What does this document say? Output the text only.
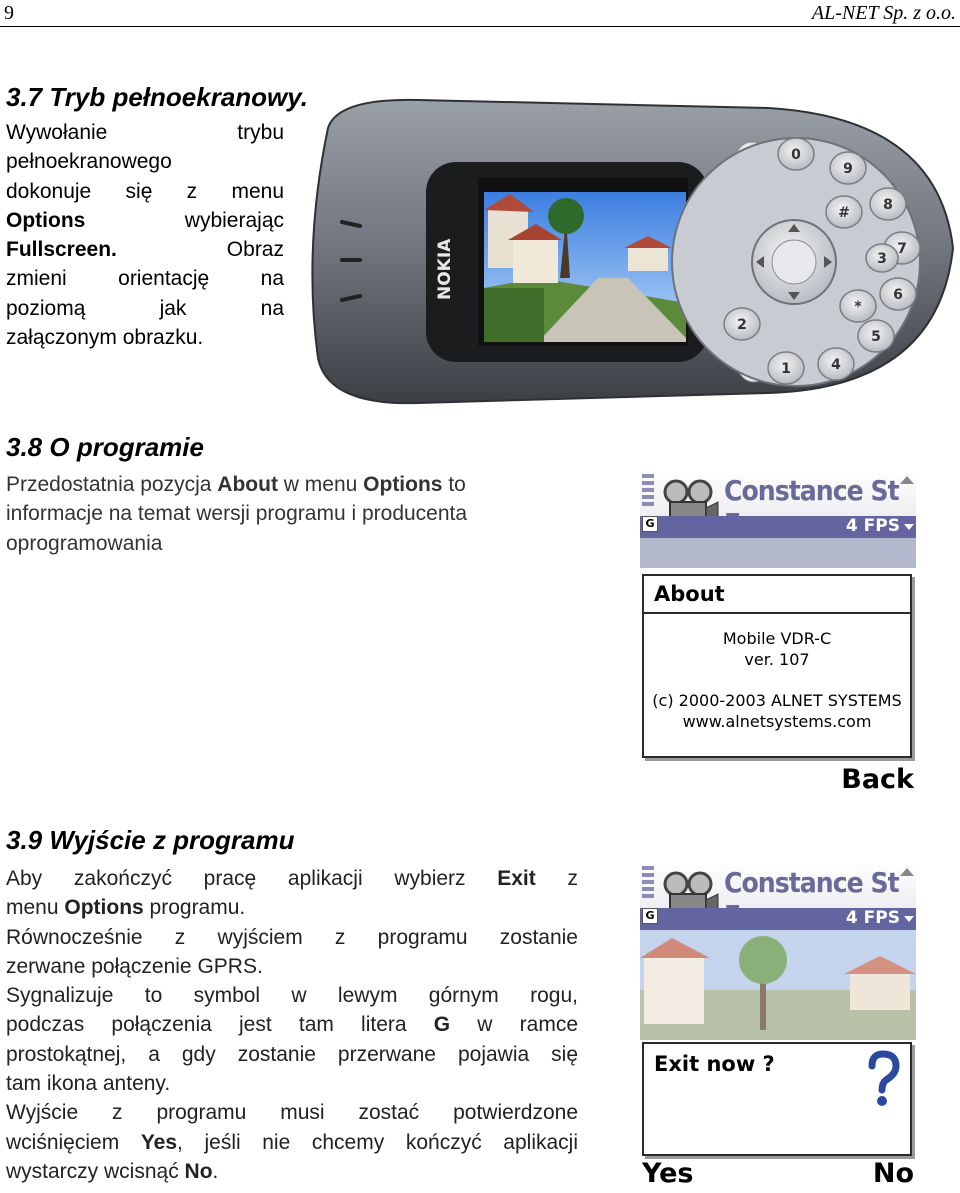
9	AL-NET Sp. z o.o.
3.7 Tryb pełnoekranowy.
Wywołanie trybu
pełnoekranowego
dokonuje się z menu
Options wybierając
Fullscreen. Obraz
zmieni orientację na
poziomą jak na
załączonym obrazku.
NOKIA
0
9
8
7
6
5
4
1
2
#
*
3
3.8 O programie
Przedostatnia pozycja About w menu Options to
informacje na temat wersji programu i producenta
oprogramowania
Constance St
4 FPS
G
About
Mobile VDR-C
ver. 107
(c) 2000-2003 ALNET SYSTEMS
www.alnetsystems.com
Back
3.9 Wyjście z programu
Aby zakończyć pracę aplikacji wybierz Exit z
menu Options programu.
Równocześnie z wyjściem z programu zostanie
zerwane połączenie GPRS.
Sygnalizuje to symbol w lewym górnym rogu,
podczas połączenia jest tam litera G w ramce
prostokątnej, a gdy zostanie przerwane pojawia się
tam ikona anteny.
Wyjście z programu musi zostać potwierdzone
wciśnięciem Yes, jeśli nie chcemy kończyć aplikacji
wystarczy wcisnąć No.
Constance St
4 FPS
G
Exit now ?
Yes	No
